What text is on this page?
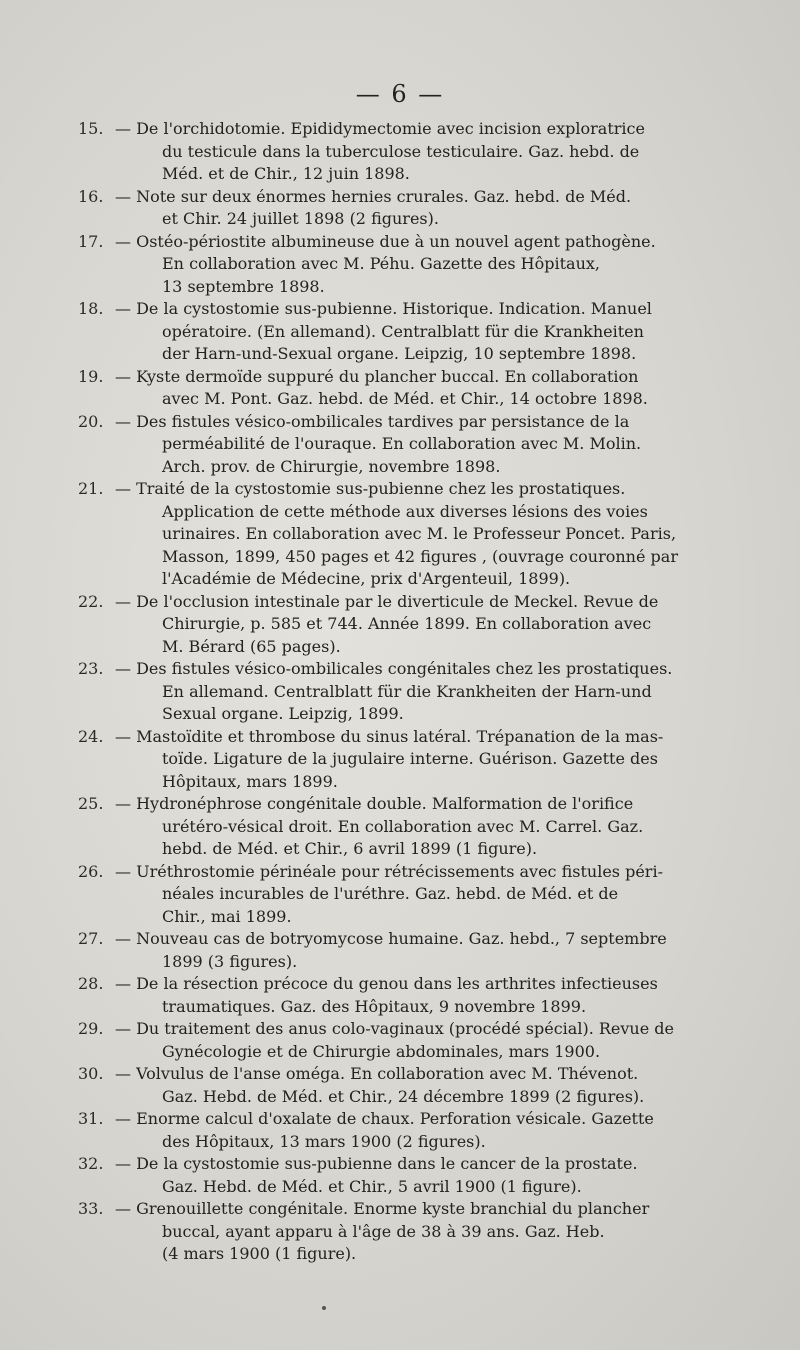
— 6 —
15. — De l'orchidotomie. Epididymectomie avec incision exploratrice
du testicule dans la tuberculose testiculaire. Gaz. hebd. de
Méd. et de Chir., 12 juin 1898.
16. — Note sur deux énormes hernies crurales. Gaz. hebd. de Méd.
et Chir. 24 juillet 1898 (2 figures).
17. — Ostéo-périostite albumineuse due à un nouvel agent pathogène.
En collaboration avec M. Péhu. Gazette des Hôpitaux,
13 septembre 1898.
18. — De la cystostomie sus-pubienne. Historique. Indication. Manuel
opératoire. (En allemand). Centralblatt für die Krankheiten
der Harn-und-Sexual organe. Leipzig, 10 septembre 1898.
19. — Kyste dermoïde suppuré du plancher buccal. En collaboration
avec M. Pont. Gaz. hebd. de Méd. et Chir., 14 octobre 1898.
20. — Des fistules vésico-ombilicales tardives par persistance de la
perméabilité de l'ouraque. En collaboration avec M. Molin.
Arch. prov. de Chirurgie, novembre 1898.
21. — Traité de la cystostomie sus-pubienne chez les prostatiques.
Application de cette méthode aux diverses lésions des voies
urinaires. En collaboration avec M. le Professeur Poncet. Paris,
Masson, 1899, 450 pages et 42 figures , (ouvrage couronné par
l'Académie de Médecine, prix d'Argenteuil, 1899).
22. — De l'occlusion intestinale par le diverticule de Meckel. Revue de
Chirurgie, p. 585 et 744. Année 1899. En collaboration avec
M. Bérard (65 pages).
23. — Des fistules vésico-ombilicales congénitales chez les prostatiques.
En allemand. Centralblatt für die Krankheiten der Harn-und
Sexual organe. Leipzig, 1899.
24. — Mastoïdite et thrombose du sinus latéral. Trépanation de la mas-
toïde. Ligature de la jugulaire interne. Guérison. Gazette des
Hôpitaux, mars 1899.
25. — Hydronéphrose congénitale double. Malformation de l'orifice
urétéro-vésical droit. En collaboration avec M. Carrel. Gaz.
hebd. de Méd. et Chir., 6 avril 1899 (1 figure).
26. — Uréthrostomie périnéale pour rétrécissements avec fistules péri-
néales incurables de l'uréthre. Gaz. hebd. de Méd. et de
Chir., mai 1899.
27. — Nouveau cas de botryomycose humaine. Gaz. hebd., 7 septembre
1899 (3 figures).
28. — De la résection précoce du genou dans les arthrites infectieuses
traumatiques. Gaz. des Hôpitaux, 9 novembre 1899.
29. — Du traitement des anus colo-vaginaux (procédé spécial). Revue de
Gynécologie et de Chirurgie abdominales, mars 1900.
30. — Volvulus de l'anse oméga. En collaboration avec M. Thévenot.
Gaz. Hebd. de Méd. et Chir., 24 décembre 1899 (2 figures).
31. — Enorme calcul d'oxalate de chaux. Perforation vésicale. Gazette
des Hôpitaux, 13 mars 1900 (2 figures).
32. — De la cystostomie sus-pubienne dans le cancer de la prostate.
Gaz. Hebd. de Méd. et Chir., 5 avril 1900 (1 figure).
33. — Grenouillette congénitale. Enorme kyste branchial du plancher
buccal, ayant apparu à l'âge de 38 à 39 ans. Gaz. Heb.
(4 mars 1900 (1 figure).
